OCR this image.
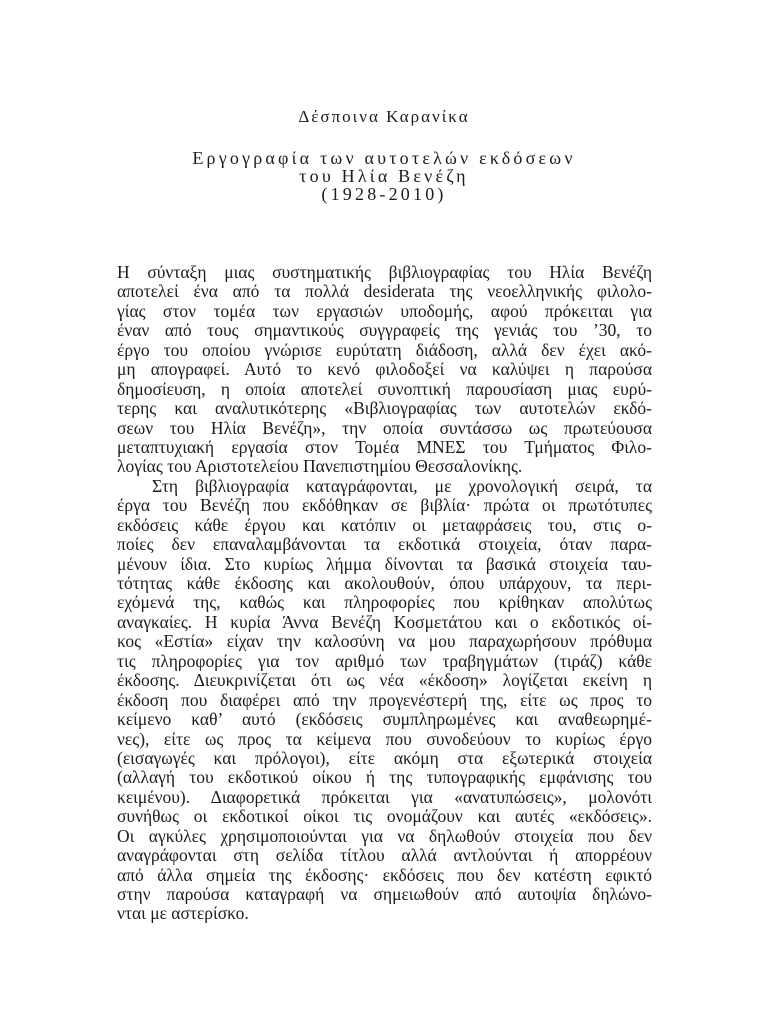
Δέσποινα Καρανίκα
Εργογραφία των αυτοτελών εκδόσεων
του Ηλία Βενέζη
(1928-2010)
Η σύνταξη μιας συστηματικής βιβλιογραφίας του Ηλία Βενέζη
αποτελεί ένα από τα πολλά desiderata της νεοελληνικής φιλολο-
γίας στον τομέα των εργασιών υποδομής, αφού πρόκειται για
έναν από τους σημαντικούς συγγραφείς της γενιάς του ’30, το
έργο του οποίου γνώρισε ευρύτατη διάδοση, αλλά δεν έχει ακό-
μη απογραφεί. Αυτό το κενό φιλοδοξεί να καλύψει η παρούσα
δημοσίευση, η οποία αποτελεί συνοπτική παρουσίαση μιας ευρύ-
τερης και αναλυτικότερης «Βιβλιογραφίας των αυτοτελών εκδό-
σεων του Ηλία Βενέζη», την οποία συντάσσω ως πρωτεύουσα
μεταπτυχιακή εργασία στον Τομέα ΜΝΕΣ του Τμήματος Φιλο-
λογίας του Αριστοτελείου Πανεπιστημίου Θεσσαλονίκης.
Στη βιβλιογραφία καταγράφονται, με χρονολογική σειρά, τα
έργα του Βενέζη που εκδόθηκαν σε βιβλία· πρώτα οι πρωτότυπες
εκδόσεις κάθε έργου και κατόπιν οι μεταφράσεις του, στις ο-
ποίες δεν επαναλαμβάνονται τα εκδοτικά στοιχεία, όταν παρα-
μένουν ίδια. Στο κυρίως λήμμα δίνονται τα βασικά στοιχεία ταυ-
τότητας κάθε έκδοσης και ακολουθούν, όπου υπάρχουν, τα περι-
εχόμενά της, καθώς και πληροφορίες που κρίθηκαν απολύτως
αναγκαίες. Η κυρία Άννα Βενέζη Κοσμετάτου και ο εκδοτικός οί-
κος «Εστία» είχαν την καλοσύνη να μου παραχωρήσουν πρόθυμα
τις πληροφορίες για τον αριθμό των τραβηγμάτων (τιράζ) κάθε
έκδοσης. Διευκρινίζεται ότι ως νέα «έκδοση» λογίζεται εκείνη η
έκδοση που διαφέρει από την προγενέστερή της, είτε ως προς το
κείμενο καθ’ αυτό (εκδόσεις συμπληρωμένες και αναθεωρημέ-
νες), είτε ως προς τα κείμενα που συνοδεύουν το κυρίως έργο
(εισαγωγές και πρόλογοι), είτε ακόμη στα εξωτερικά στοιχεία
(αλλαγή του εκδοτικού οίκου ή της τυπογραφικής εμφάνισης του
κειμένου). Διαφορετικά πρόκειται για «ανατυπώσεις», μολονότι
συνήθως οι εκδοτικοί οίκοι τις ονομάζουν και αυτές «εκδόσεις».
Οι αγκύλες χρησιμοποιούνται για να δηλωθούν στοιχεία που δεν
αναγράφονται στη σελίδα τίτλου αλλά αντλούνται ή απορρέουν
από άλλα σημεία της έκδοσης· εκδόσεις που δεν κατέστη εφικτό
στην παρούσα καταγραφή να σημειωθούν από αυτοψία δηλώνο-
νται με αστερίσκο.
